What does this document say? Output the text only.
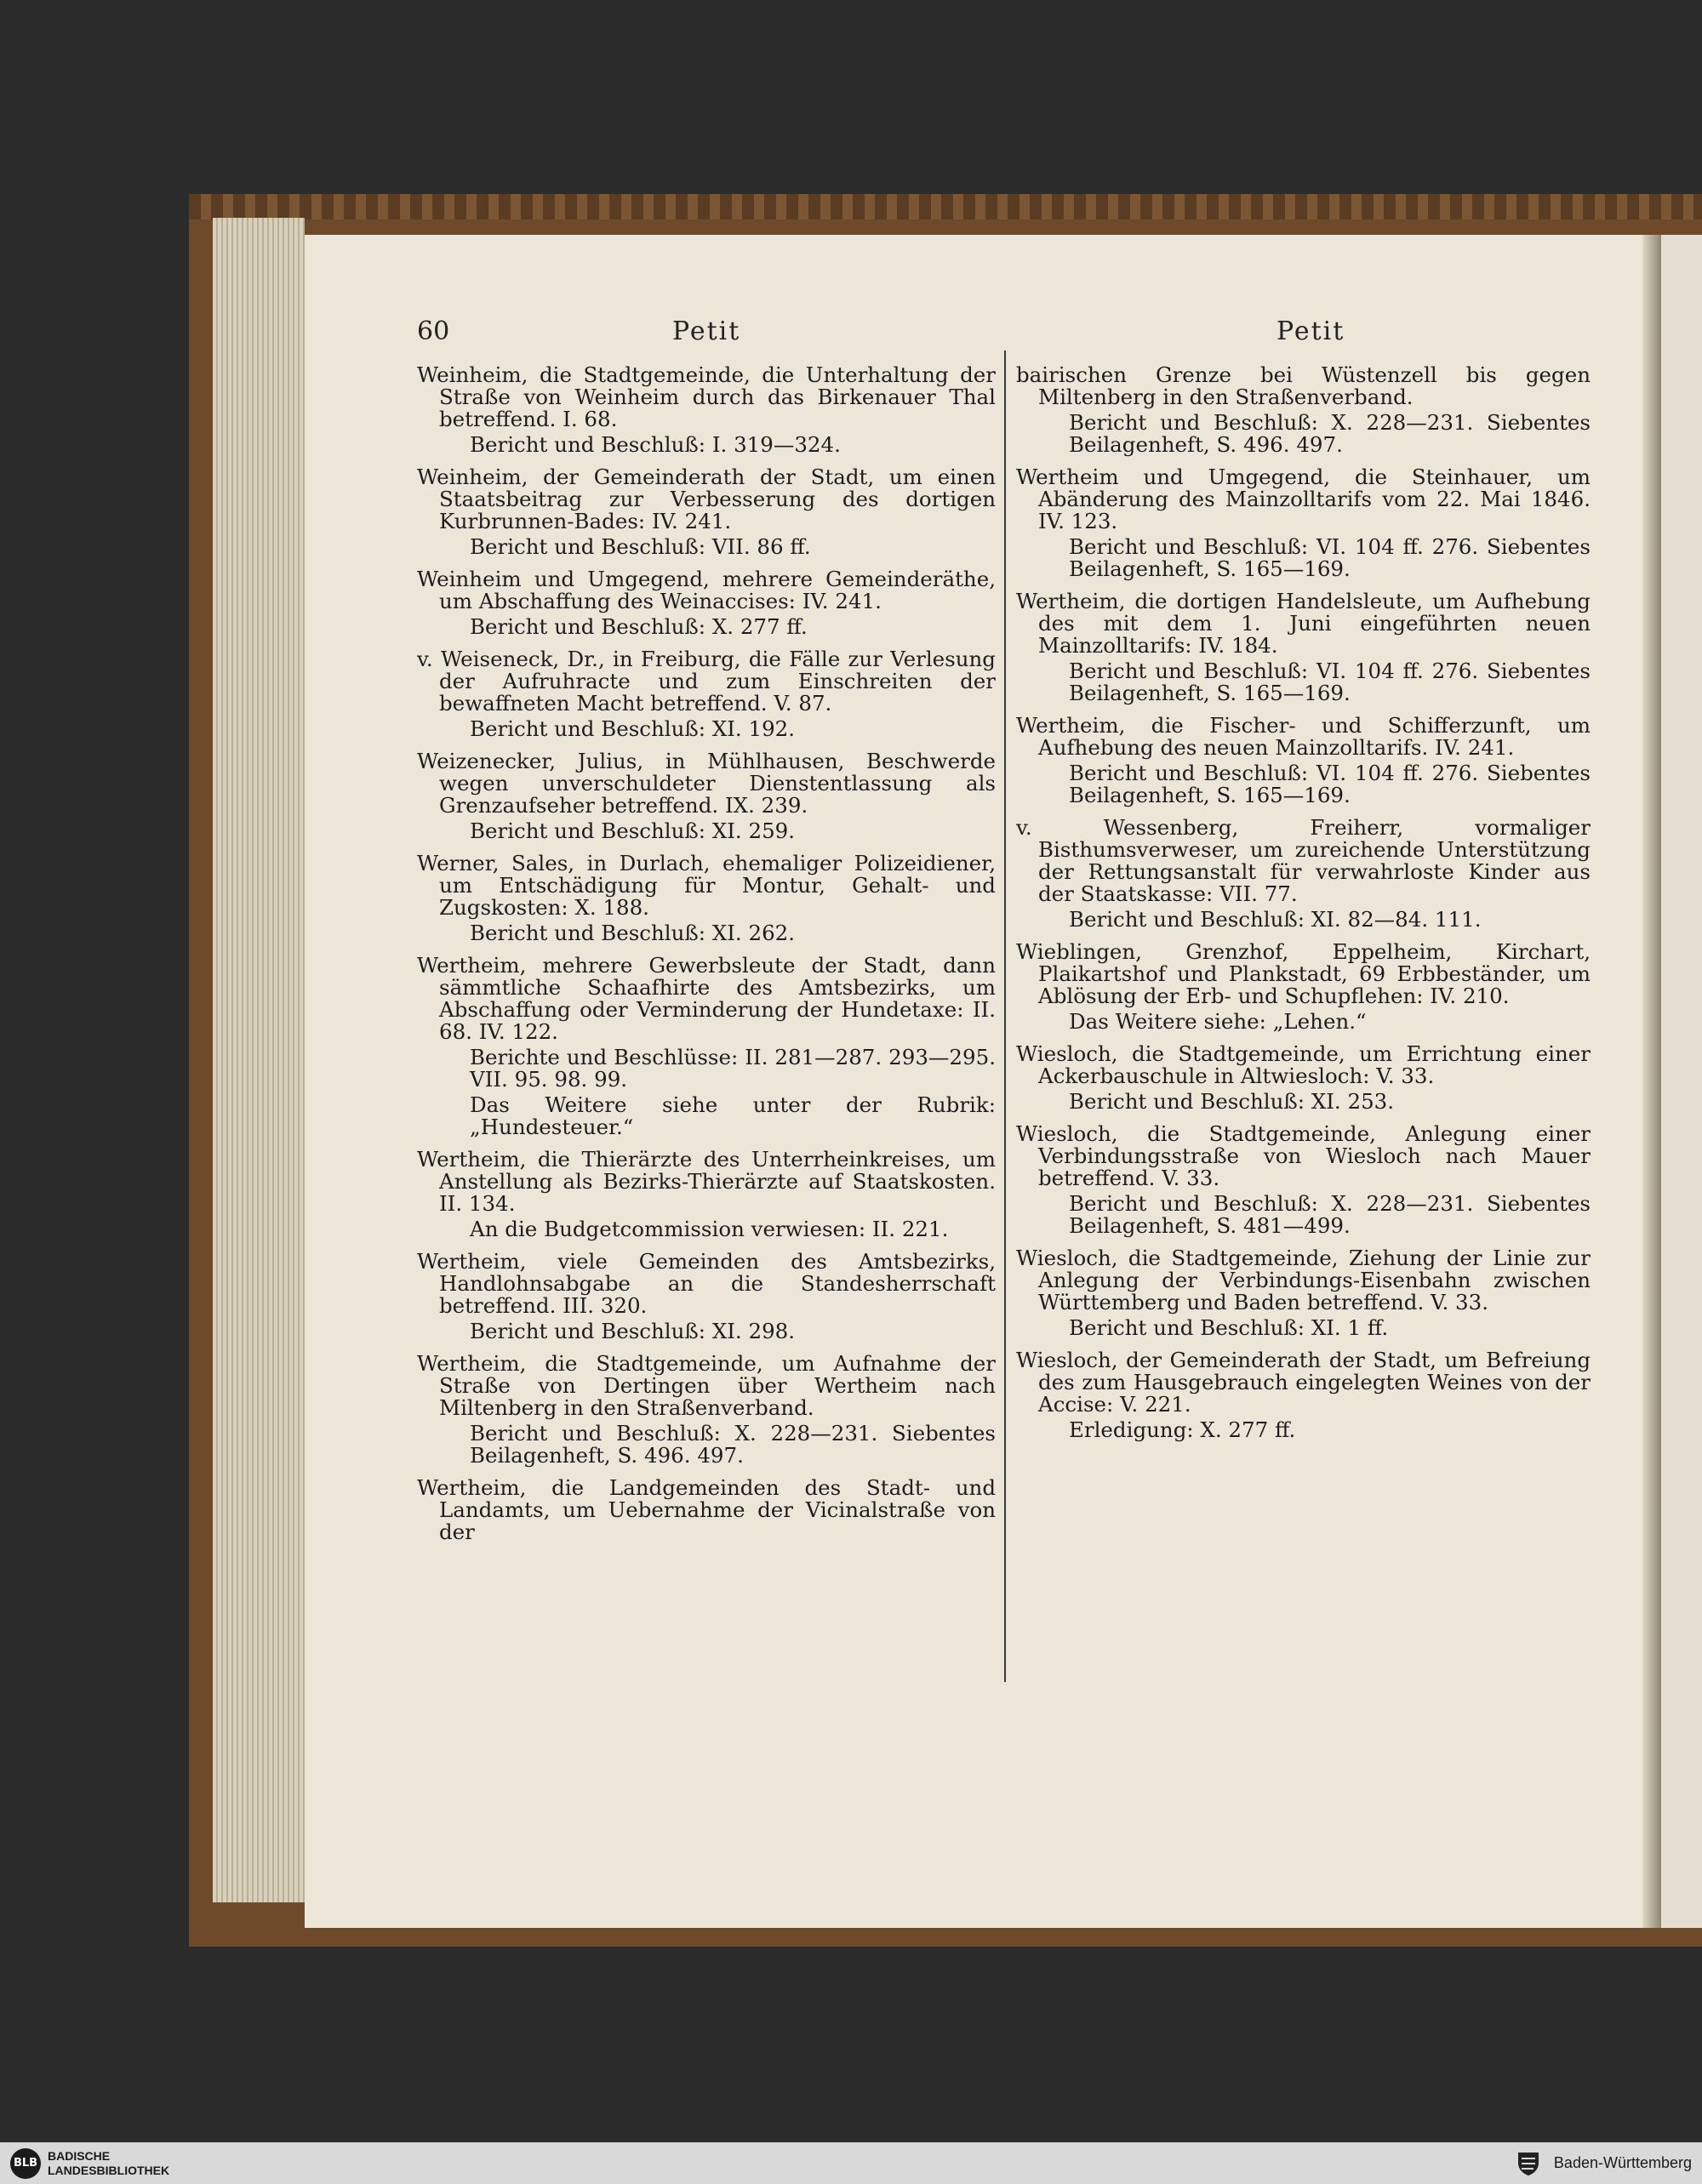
60	Petit	Petit

Weinheim, die Stadtgemeinde, die Unterhaltung der Straße von Weinheim durch das Birkenauer Thal betreffend. I. 68.

Bericht und Beschluß: I. 319—324.

Weinheim, der Gemeinderath der Stadt, um einen Staatsbeitrag zur Verbesserung des dortigen Kurbrunnen-Bades: IV. 241.

Bericht und Beschluß: VII. 86 ff.

Weinheim und Umgegend, mehrere Gemeinderäthe, um Abschaffung des Weinaccises: IV. 241.

Bericht und Beschluß: X. 277 ff.

v. Weiseneck, Dr., in Freiburg, die Fälle zur Verlesung der Aufruhracte und zum Einschreiten der bewaffneten Macht betreffend. V. 87.

Bericht und Beschluß: XI. 192.

Weizenecker, Julius, in Mühlhausen, Beschwerde wegen unverschuldeter Dienstentlassung als Grenzaufseher betreffend. IX. 239.

Bericht und Beschluß: XI. 259.

Werner, Sales, in Durlach, ehemaliger Polizeidiener, um Entschädigung für Montur, Gehalt- und Zugskosten: X. 188.

Bericht und Beschluß: XI. 262.

Wertheim, mehrere Gewerbsleute der Stadt, dann sämmtliche Schaafhirte des Amtsbezirks, um Abschaffung oder Verminderung der Hundetaxe: II. 68. IV. 122.

Berichte und Beschlüsse: II. 281—287. 293—295. VII. 95. 98. 99.

Das Weitere siehe unter der Rubrik: „Hundesteuer.“

Wertheim, die Thierärzte des Unterrheinkreises, um Anstellung als Bezirks-Thierärzte auf Staatskosten. II. 134.

An die Budgetcommission verwiesen: II. 221.

Wertheim, viele Gemeinden des Amtsbezirks, Handlohnsabgabe an die Standesherrschaft betreffend. III. 320.

Bericht und Beschluß: XI. 298.

Wertheim, die Stadtgemeinde, um Aufnahme der Straße von Dertingen über Wertheim nach Miltenberg in den Straßenverband.

Bericht und Beschluß: X. 228—231. Siebentes Beilagenheft, S. 496. 497.

Wertheim, die Landgemeinden des Stadt- und Landamts, um Uebernahme der Vicinalstraße von der

bairischen Grenze bei Wüstenzell bis gegen Miltenberg in den Straßenverband.

Bericht und Beschluß: X. 228—231. Siebentes Beilagenheft, S. 496. 497.

Wertheim und Umgegend, die Steinhauer, um Abänderung des Mainzolltarifs vom 22. Mai 1846. IV. 123.

Bericht und Beschluß: VI. 104 ff. 276. Siebentes Beilagenheft, S. 165—169.

Wertheim, die dortigen Handelsleute, um Aufhebung des mit dem 1. Juni eingeführten neuen Mainzolltarifs: IV. 184.

Bericht und Beschluß: VI. 104 ff. 276. Siebentes Beilagenheft, S. 165—169.

Wertheim, die Fischer- und Schifferzunft, um Aufhebung des neuen Mainzolltarifs. IV. 241.

Bericht und Beschluß: VI. 104 ff. 276. Siebentes Beilagenheft, S. 165—169.

v. Wessenberg, Freiherr, vormaliger Bisthumsverweser, um zureichende Unterstützung der Rettungsanstalt für verwahrloste Kinder aus der Staatskasse: VII. 77.

Bericht und Beschluß: XI. 82—84. 111.

Wieblingen, Grenzhof, Eppelheim, Kirchart, Plaikartshof und Plankstadt, 69 Erbbeständer, um Ablösung der Erb- und Schupflehen: IV. 210.

Das Weitere siehe: „Lehen.“

Wiesloch, die Stadtgemeinde, um Errichtung einer Ackerbauschule in Altwiesloch: V. 33.

Bericht und Beschluß: XI. 253.

Wiesloch, die Stadtgemeinde, Anlegung einer Verbindungsstraße von Wiesloch nach Mauer betreffend. V. 33.

Bericht und Beschluß: X. 228—231. Siebentes Beilagenheft, S. 481—499.

Wiesloch, die Stadtgemeinde, Ziehung der Linie zur Anlegung der Verbindungs-Eisenbahn zwischen Württemberg und Baden betreffend. V. 33.

Bericht und Beschluß: XI. 1 ff.

Wiesloch, der Gemeinderath der Stadt, um Befreiung des zum Hausgebrauch eingelegten Weines von der Accise: V. 221.

Erledigung: X. 277 ff.

BLB
BADISCHE
LANDESBIBLIOTHEK	Baden-Württemberg
